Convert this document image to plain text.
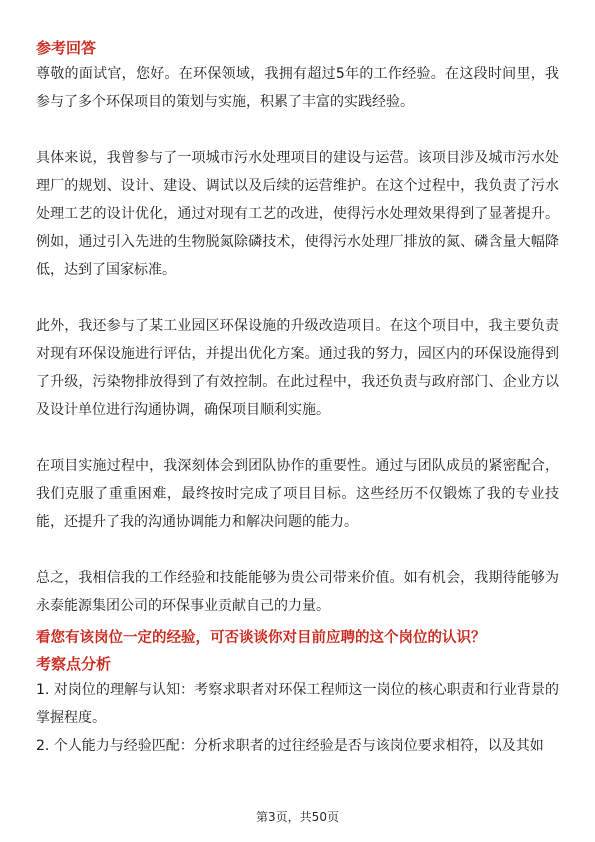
参考回答

尊敬的面试官，您好。在环保领域，我拥有超过5年的工作经验。在这段时间里，我参与了多个环保项目的策划与实施，积累了丰富的实践经验。

具体来说，我曾参与了一项城市污水处理项目的建设与运营。该项目涉及城市污水处理厂的规划、设计、建设、调试以及后续的运营维护。在这个过程中，我负责了污水处理工艺的设计优化，通过对现有工艺的改进，使得污水处理效果得到了显著提升。例如，通过引入先进的生物脱氮除磷技术，使得污水处理厂排放的氮、磷含量大幅降低，达到了国家标准。

此外，我还参与了某工业园区环保设施的升级改造项目。在这个项目中，我主要负责对现有环保设施进行评估，并提出优化方案。通过我的努力，园区内的环保设施得到了升级，污染物排放得到了有效控制。在此过程中，我还负责与政府部门、企业方以及设计单位进行沟通协调，确保项目顺利实施。

在项目实施过程中，我深刻体会到团队协作的重要性。通过与团队成员的紧密配合，我们克服了重重困难，最终按时完成了项目目标。这些经历不仅锻炼了我的专业技能，还提升了我的沟通协调能力和解决问题的能力。

总之，我相信我的工作经验和技能能够为贵公司带来价值。如有机会，我期待能够为永泰能源集团公司的环保事业贡献自己的力量。

看您有该岗位一定的经验，可否谈谈你对目前应聘的这个岗位的认识？

考察点分析

1. 对岗位的理解与认知：考察求职者对环保工程师这一岗位的核心职责和行业背景的掌握程度。

2. 个人能力与经验匹配：分析求职者的过往经验是否与该岗位要求相符，以及其如

第3页，共50页
